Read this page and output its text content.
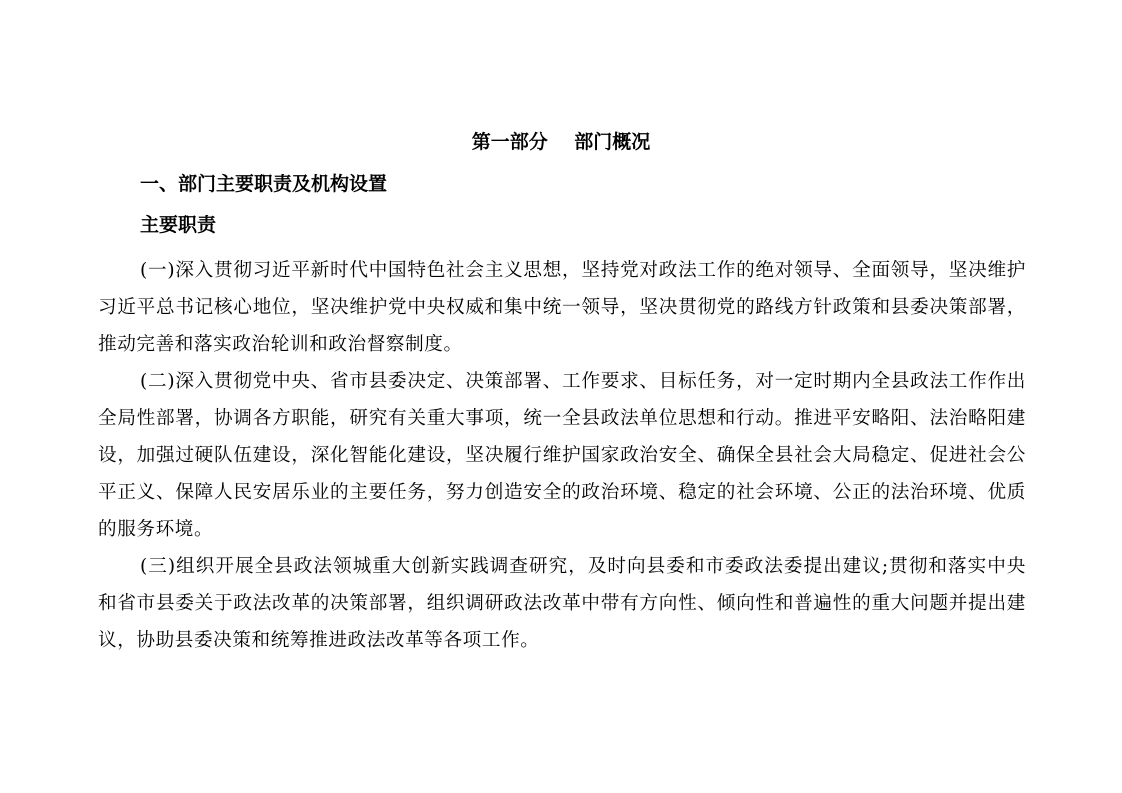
第一部分    部门概况
一、部门主要职责及机构设置
主要职责

(一)深入贯彻习近平新时代中国特色社会主义思想，坚持党对政法工作的绝对领导、全面领导，坚决维护习近平总书记核心地位，坚决维护党中央权威和集中统一领导，坚决贯彻党的路线方针政策和县委决策部署，推动完善和落实政治轮训和政治督察制度。

(二)深入贯彻党中央、省市县委决定、决策部署、工作要求、目标任务，对一定时期内全县政法工作作出全局性部署，协调各方职能，研究有关重大事项，统一全县政法单位思想和行动。推进平安略阳、法治略阳建设，加强过硬队伍建设，深化智能化建设，坚决履行维护国家政治安全、确保全县社会大局稳定、促进社会公平正义、保障人民安居乐业的主要任务，努力创造安全的政治环境、稳定的社会环境、公正的法治环境、优质的服务环境。

(三)组织开展全县政法领城重大创新实践调查研究，及时向县委和市委政法委提出建议;贯彻和落实中央和省市县委关于政法改革的决策部署，组织调研政法改革中带有方向性、倾向性和普遍性的重大问题并提出建议，协助县委决策和统筹推进政法改革等各项工作。
